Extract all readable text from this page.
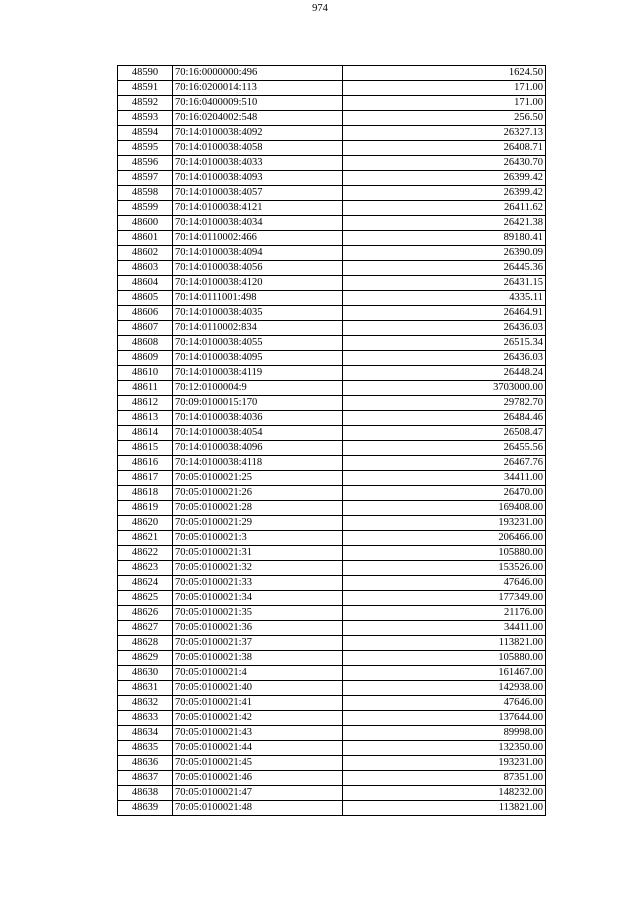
974
48590	70:16:0000000:496	1624.50
48591	70:16:0200014:113	171.00
48592	70:16:0400009:510	171.00
48593	70:16:0204002:548	256.50
48594	70:14:0100038:4092	26327.13
48595	70:14:0100038:4058	26408.71
48596	70:14:0100038:4033	26430.70
48597	70:14:0100038:4093	26399.42
48598	70:14:0100038:4057	26399.42
48599	70:14:0100038:4121	26411.62
48600	70:14:0100038:4034	26421.38
48601	70:14:0110002:466	89180.41
48602	70:14:0100038:4094	26390.09
48603	70:14:0100038:4056	26445.36
48604	70:14:0100038:4120	26431.15
48605	70:14:0111001:498	4335.11
48606	70:14:0100038:4035	26464.91
48607	70:14:0110002:834	26436.03
48608	70:14:0100038:4055	26515.34
48609	70:14:0100038:4095	26436.03
48610	70:14:0100038:4119	26448.24
48611	70:12:0100004:9	3703000.00
48612	70:09:0100015:170	29782.70
48613	70:14:0100038:4036	26484.46
48614	70:14:0100038:4054	26508.47
48615	70:14:0100038:4096	26455.56
48616	70:14:0100038:4118	26467.76
48617	70:05:0100021:25	34411.00
48618	70:05:0100021:26	26470.00
48619	70:05:0100021:28	169408.00
48620	70:05:0100021:29	193231.00
48621	70:05:0100021:3	206466.00
48622	70:05:0100021:31	105880.00
48623	70:05:0100021:32	153526.00
48624	70:05:0100021:33	47646.00
48625	70:05:0100021:34	177349.00
48626	70:05:0100021:35	21176.00
48627	70:05:0100021:36	34411.00
48628	70:05:0100021:37	113821.00
48629	70:05:0100021:38	105880.00
48630	70:05:0100021:4	161467.00
48631	70:05:0100021:40	142938.00
48632	70:05:0100021:41	47646.00
48633	70:05:0100021:42	137644.00
48634	70:05:0100021:43	89998.00
48635	70:05:0100021:44	132350.00
48636	70:05:0100021:45	193231.00
48637	70:05:0100021:46	87351.00
48638	70:05:0100021:47	148232.00
48639	70:05:0100021:48	113821.00
